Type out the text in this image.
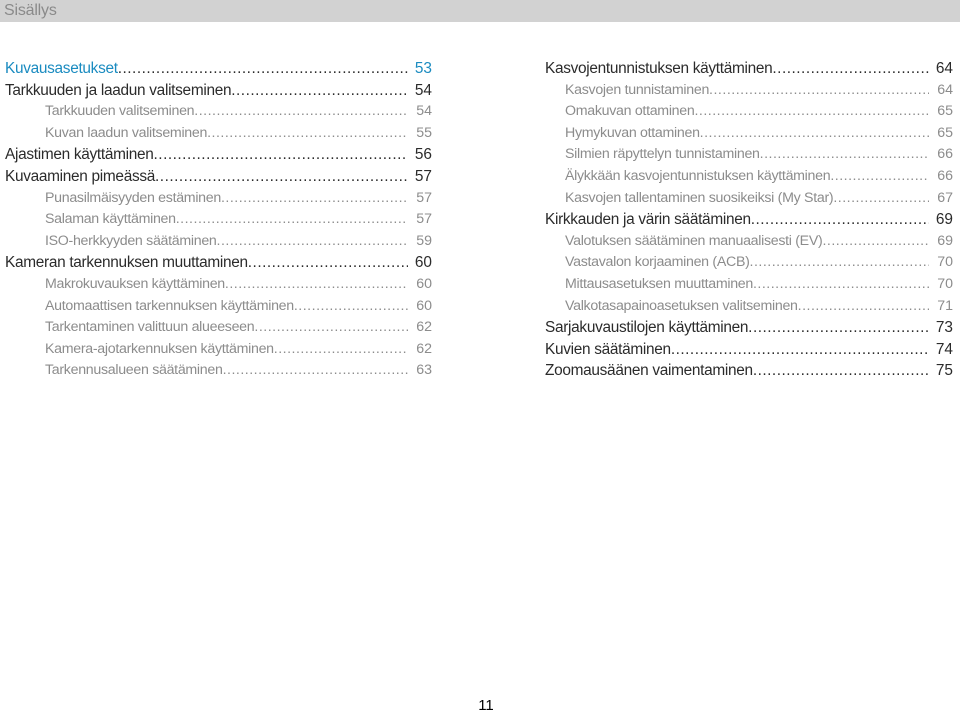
Sisällys
Kuvausasetukset .....	53
Tarkkuuden ja laadun valitseminen .....	54
Tarkkuuden valitseminen .....	54
Kuvan laadun valitseminen .....	55
Ajastimen käyttäminen .....	56
Kuvaaminen pimeässä .....	57
Punasilmäisyyden estäminen .....	57
Salaman käyttäminen .....	57
ISO-herkkyyden säätäminen .....	59
Kameran tarkennuksen muuttaminen .....	60
Makrokuvauksen käyttäminen .....	60
Automaattisen tarkennuksen käyttäminen .....	60
Tarkentaminen valittuun alueeseen .....	62
Kamera-ajotarkennuksen käyttäminen .....	62
Tarkennusalueen säätäminen .....	63
Kasvojentunnistuksen käyttäminen .....	64
Kasvojen tunnistaminen .....	64
Omakuvan ottaminen .....	65
Hymykuvan ottaminen .....	65
Silmien räpyttelyn tunnistaminen .....	66
Älykkään kasvojentunnistuksen käyttäminen .....	66
Kasvojen tallentaminen suosikeiksi (My Star) .....	67
Kirkkauden ja värin säätäminen .....	69
Valotuksen säätäminen manuaalisesti (EV) .....	69
Vastavalon korjaaminen (ACB) .....	70
Mittausasetuksen muuttaminen .....	70
Valkotasapainoasetuksen valitseminen .....	71
Sarjakuvaustilojen käyttäminen .....	73
Kuvien säätäminen .....	74
Zoomausäänen vaimentaminen .....	75
11
